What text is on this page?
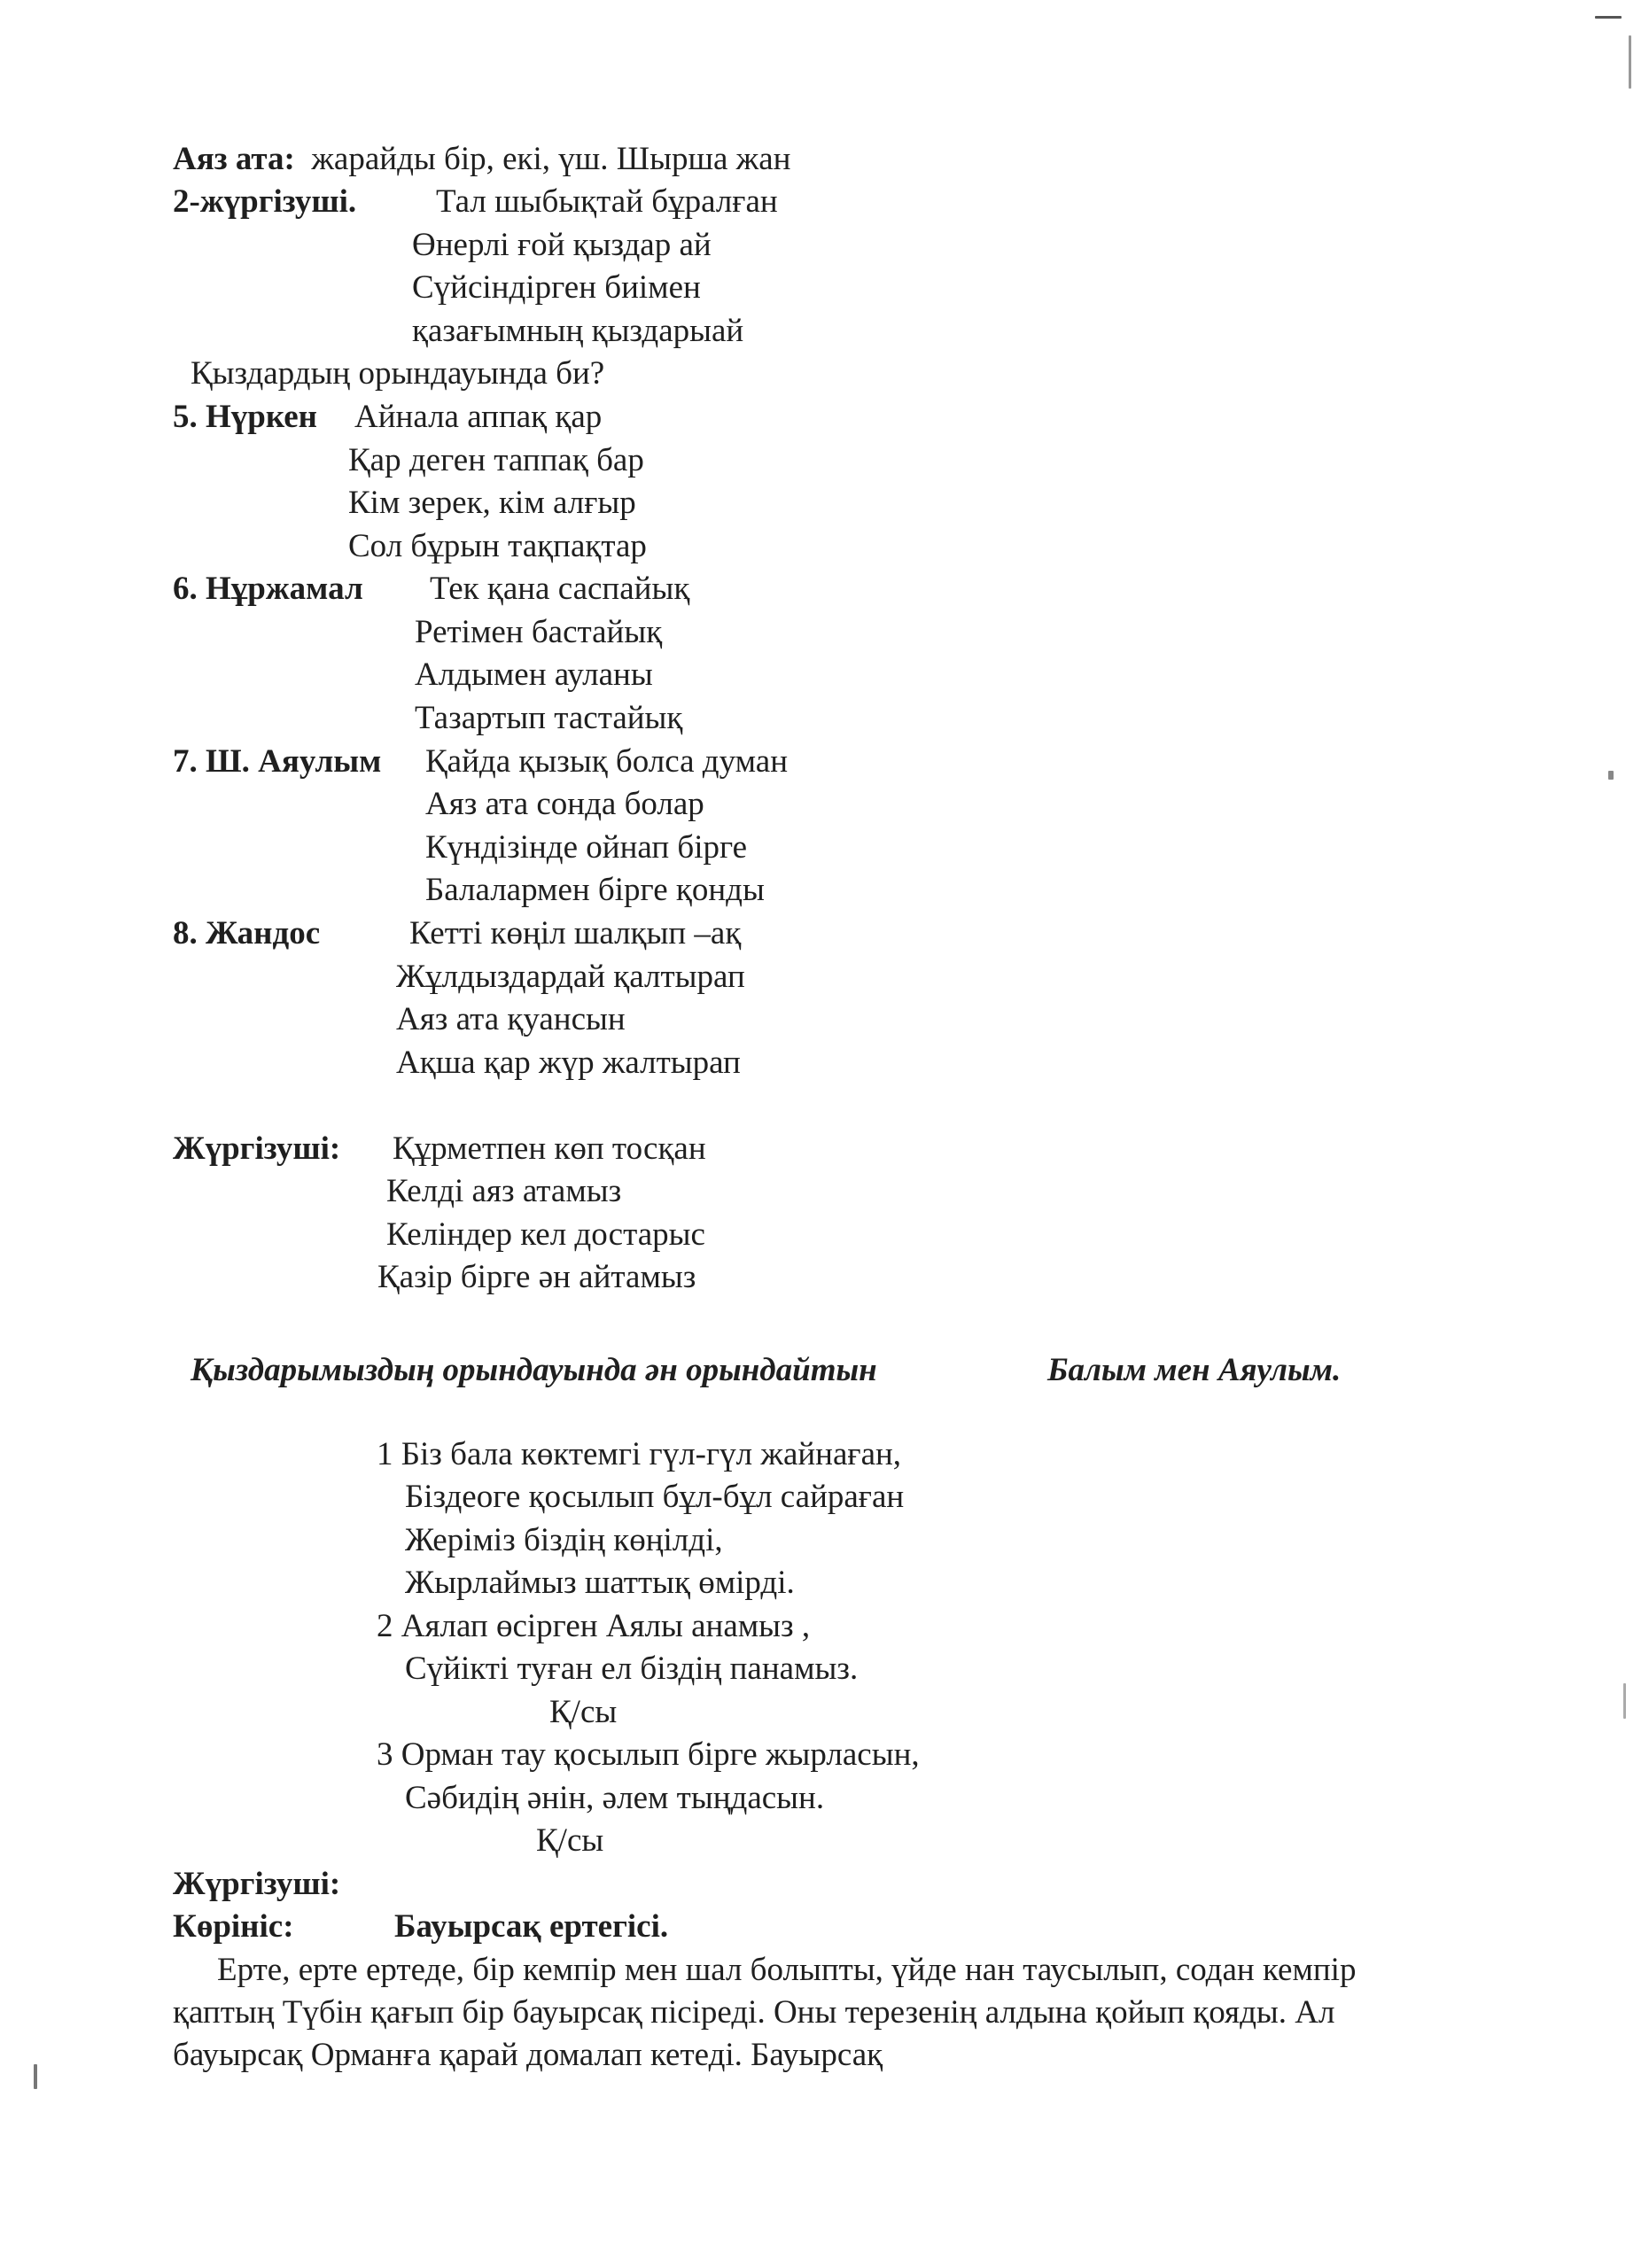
Аяз ата: жарайды бір, екі, үш. Шырша жан
2-жүргізуші. Тал шыбықтай бұралған
Өнерлі ғой қыздар ай
Сүйсіндірген биімен
қазағымның қыздарыай
Қыздардың орындауында би?
5. Нүркен Айнала аппақ қар
Қар деген таппақ бар
Кім зерек, кім алғыр
Сол бұрын тақпақтар
6. Нұржамал Тек қана саспайық
Ретімен бастайық
Алдымен ауланы
Тазартып тастайық
7. Ш. Аяулым Қайда қызық болса думан
Аяз ата сонда болар
Күндізінде ойнап бірге
Балалармен бірге қонды
8. Жандос	Кетті көңіл шалқып –ақ
Жұлдыздардай қалтырап
Аяз ата қуансын
Ақша қар жүр жалтырап
Жүргізуші: Құрметпен көп тосқан
Келді аяз атамыз
Келіндер кел достарыс
Қазір бірге ән айтамыз
Қыздарымыздың орындауында ән орындайтын	Балым мен Аяулым.
1 Біз бала көктемгі гүл-гүл жайнаған,
Біздеоге қосылып бұл-бұл сайраған
Жеріміз біздің көңілді,
Жырлаймыз шаттық өмірді.
2 Аялап өсірген Аялы анамыз ,
Сүйікті туған ел біздің панамыз.
Қ/сы
3 Орман тау қосылып бірге жырласын,
Сәбидің әнін, әлем тыңдасын.
Қ/сы
Жүргізуші:
Көрініс:	Бауырсақ ертегісі.
Ерте, ерте ертеде, бір кемпір мен шал болыпты, үйде нан таусылып, содан кемпір қаптың Түбін қағып бір бауырсақ пісіреді. Оны терезенің алдына қойып қояды. Ал бауырсақ Орманға қарай домалап кетеді. Бауырсақ
